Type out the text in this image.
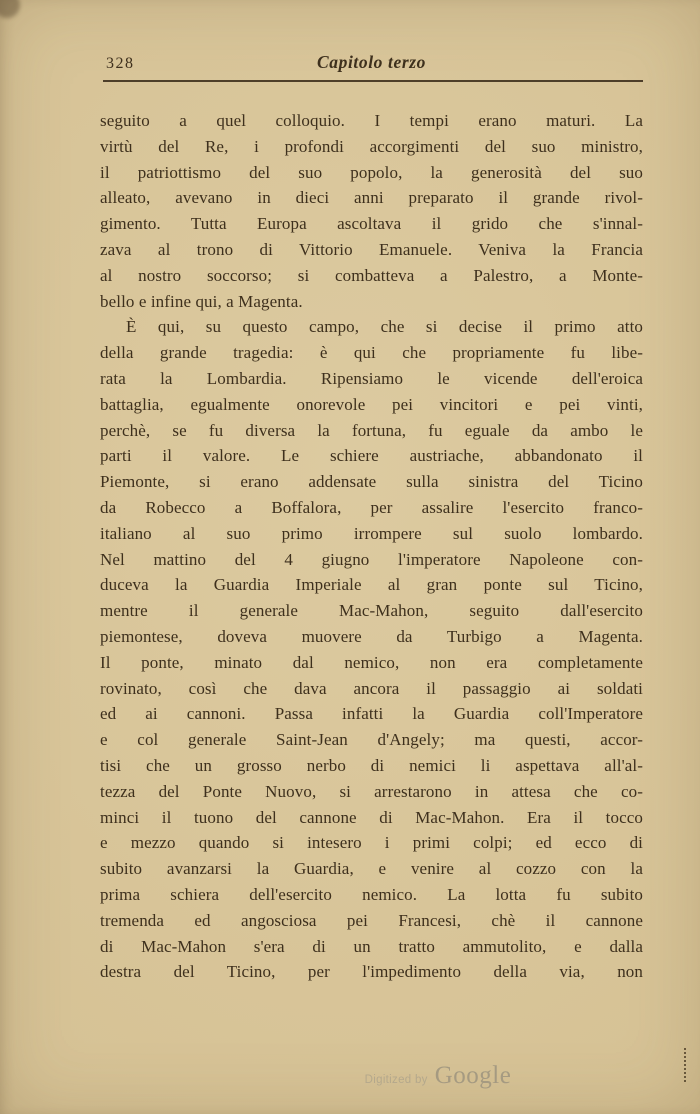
328	Capitolo terzo
seguito a quel colloquio. I tempi erano maturi. La
virtù del Re, i profondi accorgimenti del suo ministro,
il patriottismo del suo popolo, la generosità del suo
alleato, avevano in dieci anni preparato il grande rivol-
gimento. Tutta Europa ascoltava il grido che s'innal-
zava al trono di Vittorio Emanuele. Veniva la Francia
al nostro soccorso; si combatteva a Palestro, a Monte-
bello e infine qui, a Magenta.
È qui, su questo campo, che si decise il primo atto
della grande tragedia: è qui che propriamente fu libe-
rata la Lombardia. Ripensiamo le vicende dell'eroica
battaglia, egualmente onorevole pei vincitori e pei vinti,
perchè, se fu diversa la fortuna, fu eguale da ambo le
parti il valore. Le schiere austriache, abbandonato il
Piemonte, si erano addensate sulla sinistra del Ticino
da Robecco a Boffalora, per assalire l'esercito franco-
italiano al suo primo irrompere sul suolo lombardo.
Nel mattino del 4 giugno l'imperatore Napoleone con-
duceva la Guardia Imperiale al gran ponte sul Ticino,
mentre il generale Mac-Mahon, seguito dall'esercito
piemontese, doveva muovere da Turbigo a Magenta.
Il ponte, minato dal nemico, non era completamente
rovinato, così che dava ancora il passaggio ai soldati
ed ai cannoni. Passa infatti la Guardia coll'Imperatore
e col generale Saint-Jean d'Angely; ma questi, accor-
tisi che un grosso nerbo di nemici li aspettava all'al-
tezza del Ponte Nuovo, si arrestarono in attesa che co-
minci il tuono del cannone di Mac-Mahon. Era il tocco
e mezzo quando si intesero i primi colpi; ed ecco di
subito avanzarsi la Guardia, e venire al cozzo con la
prima schiera dell'esercito nemico. La lotta fu subito
tremenda ed angosciosa pei Francesi, chè il cannone
di Mac-Mahon s'era di un tratto ammutolito, e dalla
destra del Ticino, per l'impedimento della via, non
Digitized by Google
